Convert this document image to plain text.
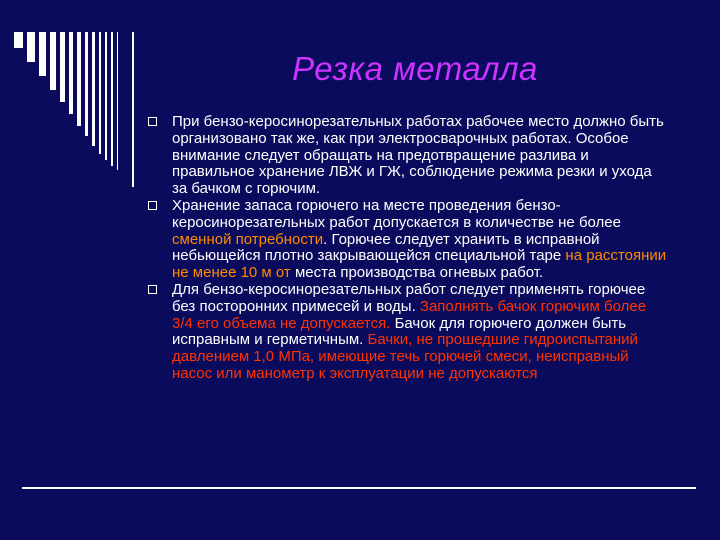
Резка металла

При бензо-керосинорезательных работах рабочее место должно быть организовано так же, как при электросварочных работах. Особое внимание следует обращать на предотвращение разлива и правильное хранение ЛВЖ и ГЖ, соблюдение режима резки и ухода за бачком с горючим.

Хранение запаса горючего на месте проведения бензо-керосинорезательных работ допускается в количестве не более сменной потребности. Горючее следует хранить в исправной небьющейся плотно закрывающейся специальной таре на расстоянии не менее 10 м от места производства огневых работ.

Для бензо-керосинорезательных работ следует применять горючее без посторонних примесей и воды. Заполнять бачок горючим более 3/4 его объема не допускается. Бачок для горючего должен быть исправным и герметичным. Бачки, не прошедшие гидроиспытаний давлением 1,0 МПа, имеющие течь горючей смеси, неисправный насос или манометр к эксплуатации не допускаются
